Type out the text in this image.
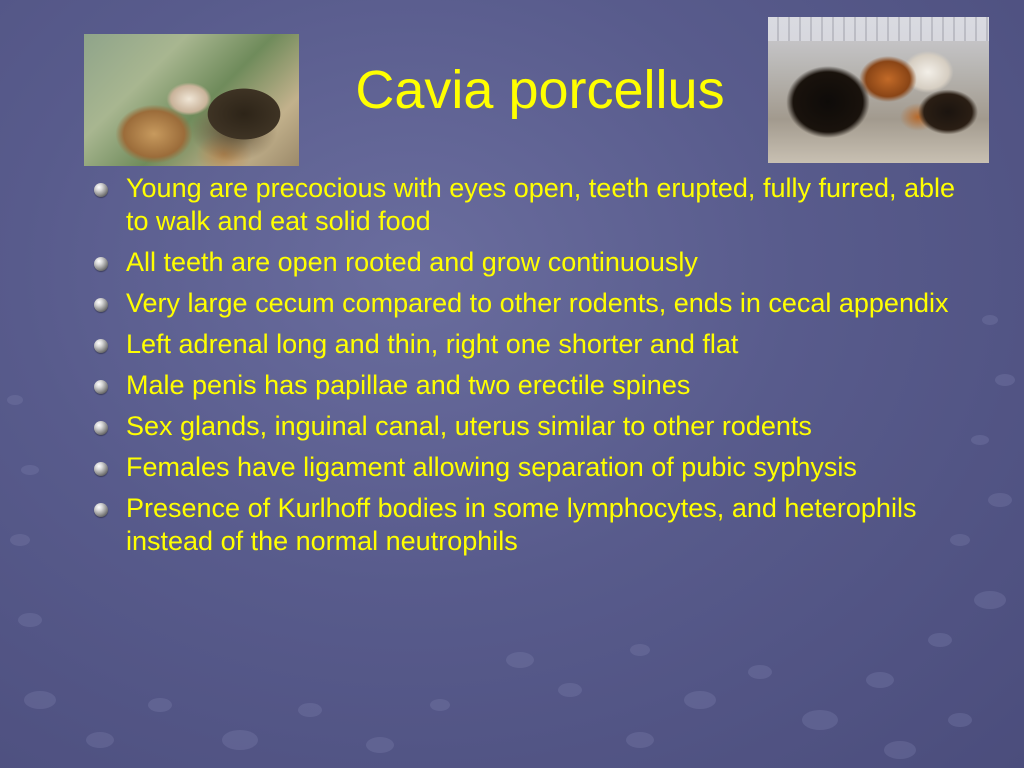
Cavia porcellus
Young are precocious with eyes open, teeth erupted, fully furred, able to walk and eat solid food
All teeth are open rooted and grow continuously
Very large cecum compared to other rodents, ends in cecal appendix
Left adrenal long and thin, right one shorter and flat
Male penis has papillae and two erectile spines
Sex glands, inguinal canal, uterus similar to other rodents
Females have ligament allowing separation of pubic syphysis
Presence of Kurlhoff bodies in some lymphocytes, and heterophils instead of the normal neutrophils
